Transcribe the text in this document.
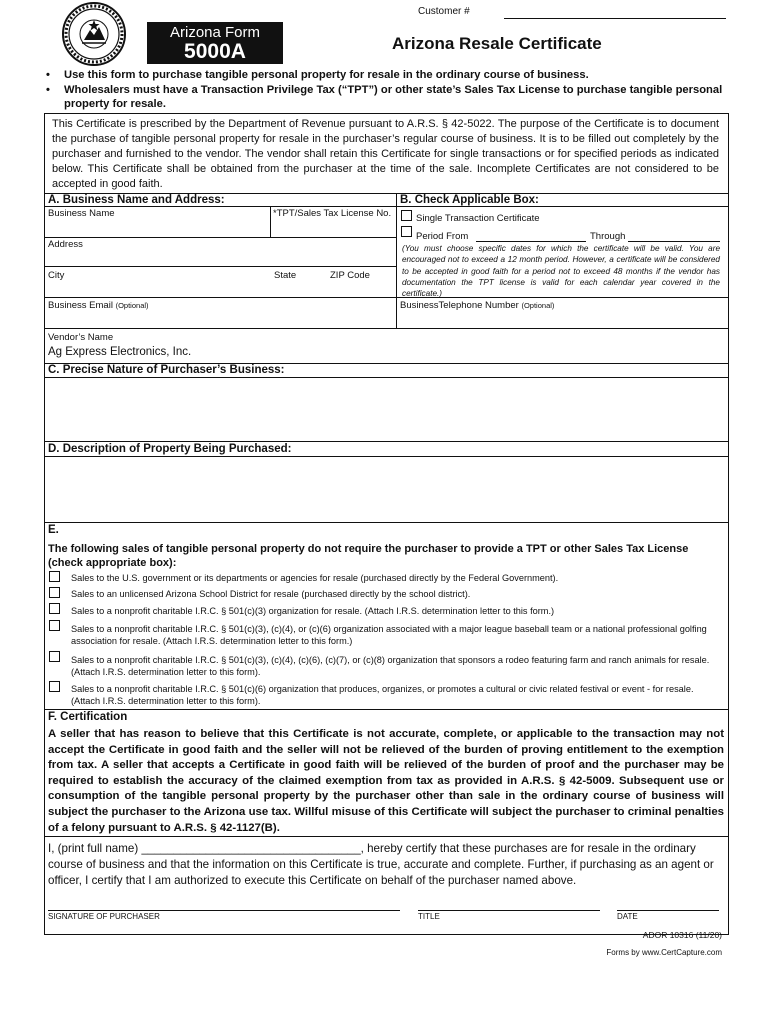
Customer #
Arizona Form
5000A	Arizona Resale Certificate
• Use this form to purchase tangible personal property for resale in the ordinary course of business.
• Wholesalers must have a Transaction Privilege Tax (“TPT”) or other state’s Sales Tax License to purchase tangible personal property for resale.
This Certificate is prescribed by the Department of Revenue pursuant to A.R.S. § 42-5022. The purpose of the Certificate is to document the purchase of tangible personal property for resale in the purchaser’s regular course of business. It is to be filled out completely by the purchaser and furnished to the vendor. The vendor shall retain this Certificate for single transactions or for specified periods as indicated below. This Certificate shall be obtained from the purchaser at the time of the sale. Incomplete Certificates are not considered to be accepted in good faith.
A. Business Name and Address:
Business Name	*TPT/Sales Tax License No.
Address
City	State	ZIP Code
Business Email (Optional)	BusinessTelephone Number (Optional)
Vendor’s Name
Ag Express Electronics, Inc.
B. Check Applicable Box:
Single Transaction Certificate
Period From	Through
(You must choose specific dates for which the certificate will be valid. You are encouraged not to exceed a 12 month period. However, a certificate will be considered to be accepted in good faith for a period not to exceed 48 months if the vendor has documentation the TPT license is valid for each calendar year covered in the certificate.)
C. Precise Nature of Purchaser’s Business:
D. Description of Property Being Purchased:
E.
The following sales of tangible personal property do not require the purchaser to provide a TPT or other Sales Tax License (check appropriate box):
Sales to the U.S. government or its departments or agencies for resale (purchased directly by the Federal Government).
Sales to an unlicensed Arizona School District for resale (purchased directly by the school district).
Sales to a nonprofit charitable I.R.C. § 501(c)(3) organization for resale. (Attach I.R.S. determination letter to this form.)
Sales to a nonprofit charitable I.R.C. § 501(c)(3), (c)(4), or (c)(6) organization associated with a major league baseball team or a national professional golfing association for resale. (Attach I.R.S. determination letter to this form.)
Sales to a nonprofit charitable I.R.C. § 501(c)(3), (c)(4), (c)(6), (c)(7), or (c)(8) organization that sponsors a rodeo featuring farm and ranch animals for resale. (Attach I.R.S. determination letter to this form).
Sales to a nonprofit charitable I.R.C. § 501(c)(6) organization that produces, organizes, or promotes a cultural or civic related festival or event - for resale. (Attach I.R.S. determination letter to this form).
F. Certification
A seller that has reason to believe that this Certificate is not accurate, complete, or applicable to the transaction may not accept the Certificate in good faith and the seller will not be relieved of the burden of proving entitlement to the exemption from tax. A seller that accepts a Certificate in good faith will be relieved of the burden of proof and the purchaser may be required to establish the accuracy of the claimed exemption from tax as provided in A.R.S. § 42-5009. Subsequent use or consumption of the tangible personal property by the purchaser other than sale in the ordinary course of business will subject the purchaser to the Arizona use tax. Willful misuse of this Certificate will subject the purchaser to criminal penalties of a felony pursuant to A.R.S. § 42-1127(B).
I, (print full name) __________________________________, hereby certify that these purchases are for resale in the ordinary course of business and that the information on this Certificate is true, accurate and complete. Further, if purchasing as an agent or officer, I certify that I am authorized to execute this Certificate on behalf of the purchaser named above.
SIGNATURE OF PURCHASER	TITLE	DATE
ADOR 10316 (11/20)
Forms by www.CertCapture.com
